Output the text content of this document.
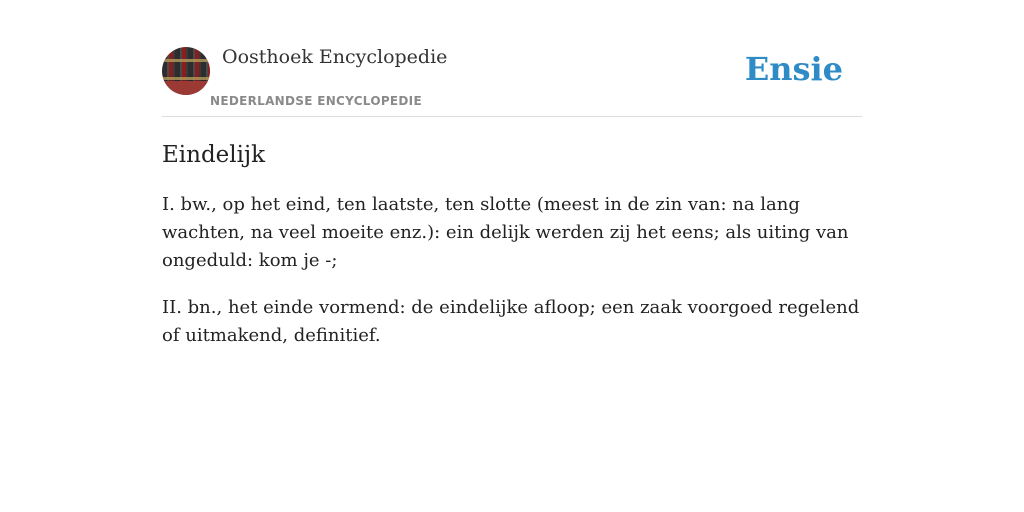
Oosthoek Encyclopedie
NEDERLANDSE ENCYCLOPEDIE
Ensie
Eindelijk

I. bw., op het eind, ten laatste, ten slotte (meest in de zin van: na lang wachten, na veel moeite enz.): ein delijk werden zij het eens; als uiting van ongeduld: kom je -;

II. bn., het einde vormend: de eindelijke afloop; een zaak voorgoed regelend of uitmakend, definitief.
